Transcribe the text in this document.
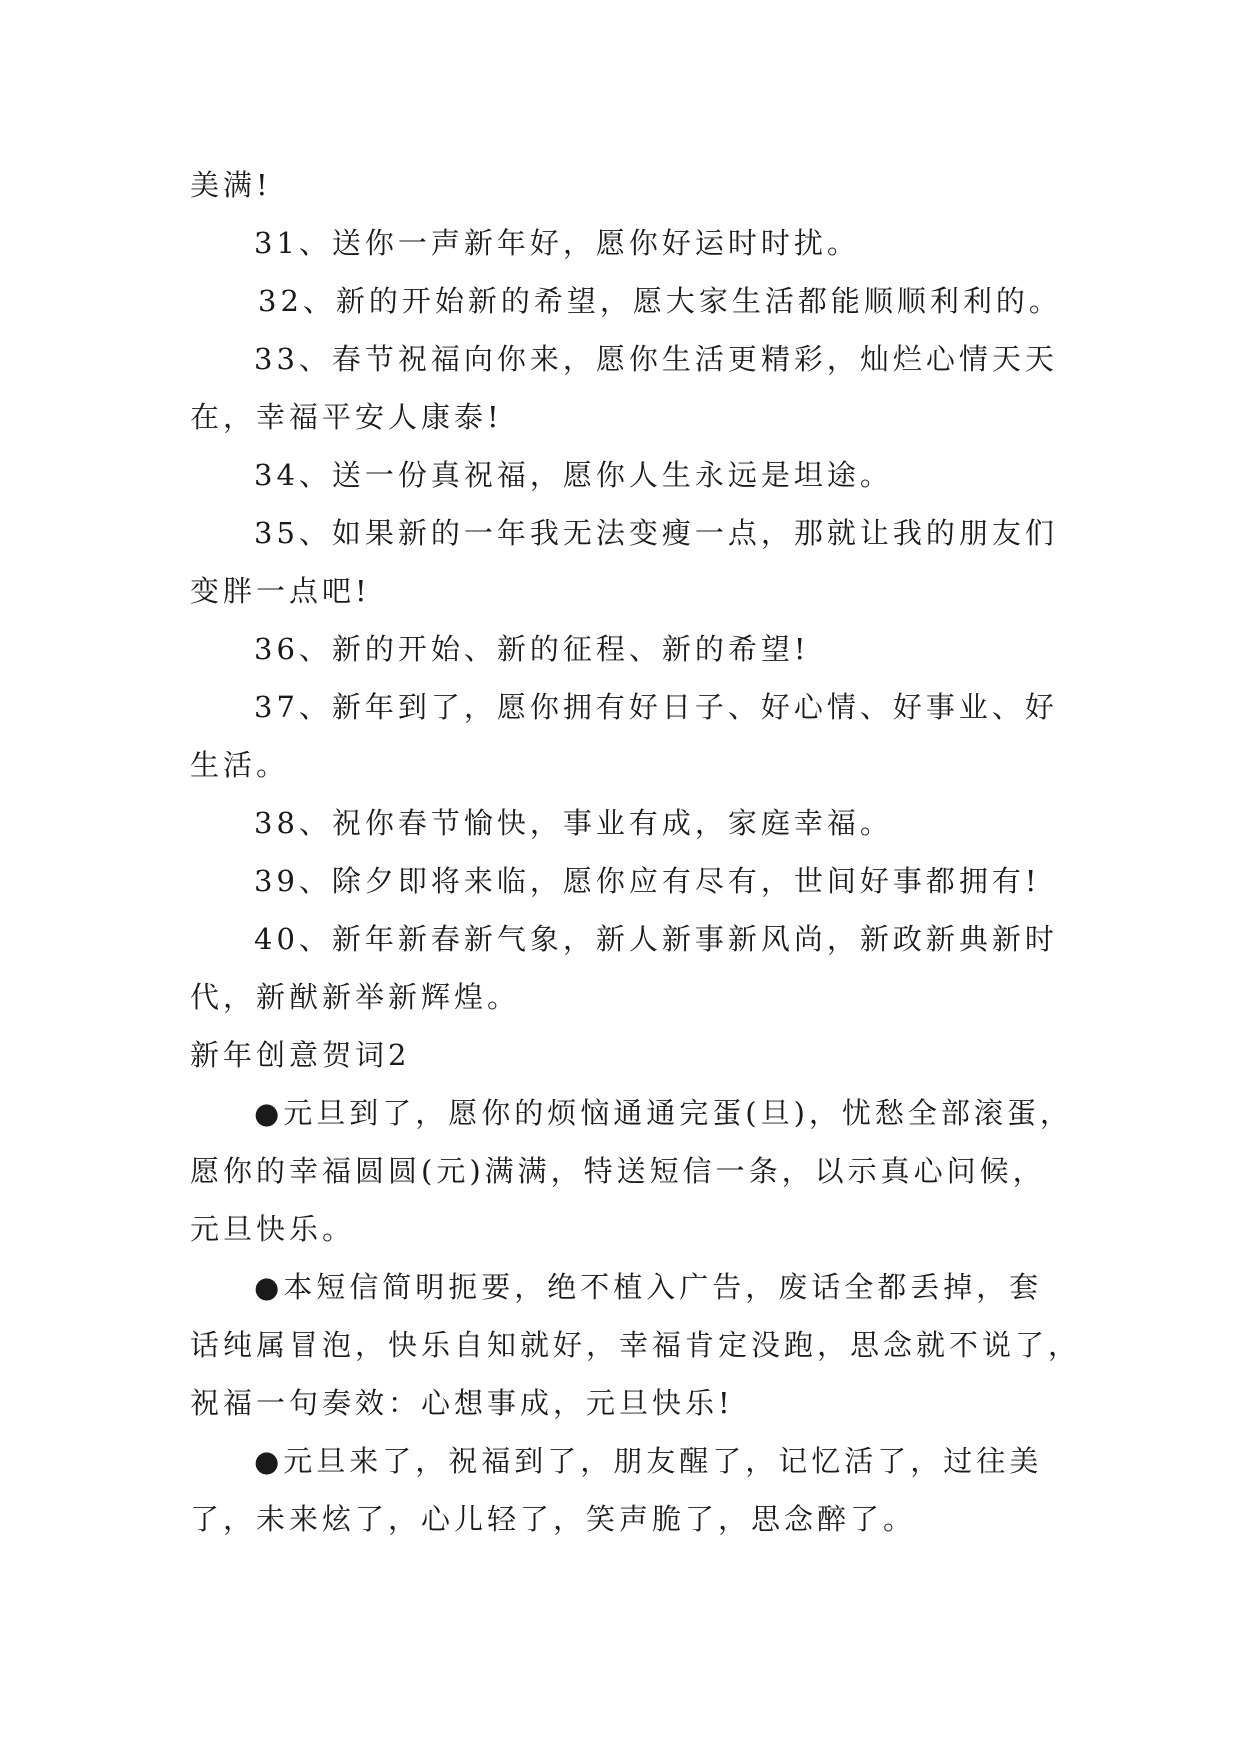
美满!
31、送你一声新年好，愿你好运时时扰。
32、新的开始新的希望，愿大家生活都能顺顺利利的。
33、春节祝福向你来，愿你生活更精彩，灿烂心情天天
在，幸福平安人康泰!
34、送一份真祝福，愿你人生永远是坦途。
35、如果新的一年我无法变瘦一点，那就让我的朋友们
变胖一点吧!
36、新的开始、新的征程、新的希望!
37、新年到了，愿你拥有好日子、好心情、好事业、好
生活。
38、祝你春节愉快，事业有成，家庭幸福。
39、除夕即将来临，愿你应有尽有，世间好事都拥有!
40、新年新春新气象，新人新事新风尚，新政新典新时
代，新猷新举新辉煌。
新年创意贺词2
●元旦到了，愿你的烦恼通通完蛋(旦)，忧愁全部滚蛋，
愿你的幸福圆圆(元)满满，特送短信一条，以示真心问候，
元旦快乐。
●本短信简明扼要，绝不植入广告，废话全都丢掉，套
话纯属冒泡，快乐自知就好，幸福肯定没跑，思念就不说了，
祝福一句奏效：心想事成，元旦快乐!
●元旦来了，祝福到了，朋友醒了，记忆活了，过往美
了，未来炫了，心儿轻了，笑声脆了，思念醉了。
